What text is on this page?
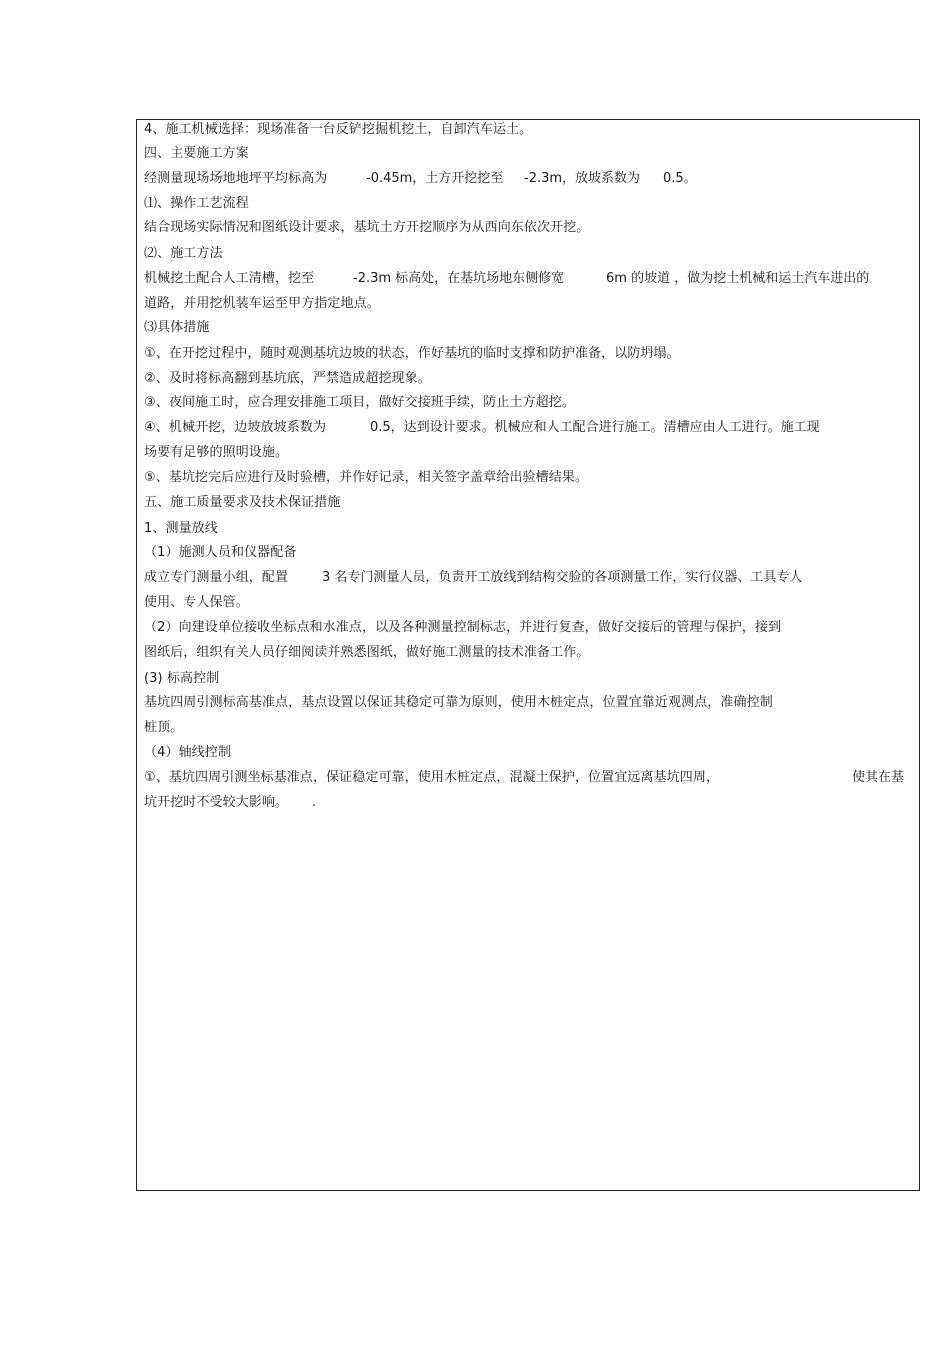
4、施工机械选择：现场准备一台反铲挖掘机挖土，自卸汽车运土。
四、主要施工方案
经测量现场场地地坪平均标高为	-0.45m，土方开挖挖至 -2.3m，放坡系数为 0.5。
⑴、操作工艺流程
结合现场实际情况和图纸设计要求，基坑土方开挖顺序为从西向东依次开挖。
⑵、施工方法
机械挖土配合人工清槽，挖至	-2.3m 标高处，在基坑场地东侧修宽	6m 的坡道 ，做为挖土机械和运土汽车进出的
道路，并用挖机装车运至甲方指定地点。
⑶具体措施
①、在开挖过程中，随时观测基坑边坡的状态，作好基坑的临时支撑和防护准备，以防坍塌。
②、及时将标高翻到基坑底，严禁造成超挖现象。
③、夜间施工时，应合理安排施工项目，做好交接班手续，防止土方超挖。
④、机械开挖，边坡放坡系数为	0.5，达到设计要求。机械应和人工配合进行施工。清槽应由人工进行。施工现
场要有足够的照明设施。
⑤、基坑挖完后应进行及时验槽，并作好记录，相关签字盖章给出验槽结果。
五、施工质量要求及技术保证措施
1、测量放线
（1）施测人员和仪器配备
成立专门测量小组，配置	3 名专门测量人员，负责开工放线到结构交验的各项测量工作，实行仪器、工具专人
使用、专人保管。
（2）向建设单位接收坐标点和水准点，以及各种测量控制标志，并进行复查，做好交接后的管理与保护，接到
图纸后，组织有关人员仔细阅读并熟悉图纸，做好施工测量的技术准备工作。
(3) 标高控制
基坑四周引测标高基准点，基点设置以保证其稳定可靠为原则，使用木桩定点，位置宜靠近观测点，准确控制
桩顶。
（4）轴线控制
①、基坑四周引测坐标基准点，保证稳定可靠，使用木桩定点，混凝土保护，位置宜远离基坑四周，	使其在基
坑开挖时不受较大影响。 .
